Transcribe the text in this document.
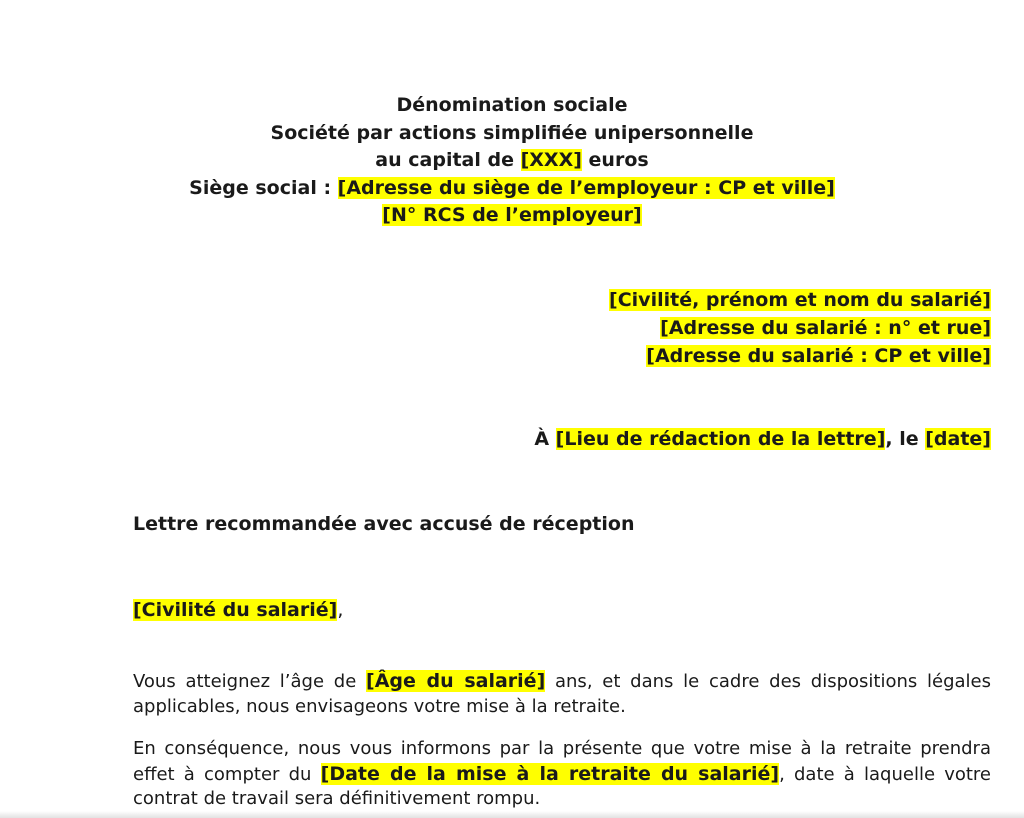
Dénomination sociale
Société par actions simplifiée unipersonnelle
au capital de [XXX] euros
Siège social : [Adresse du siège de l’employeur : CP et ville]
[N° RCS de l’employeur]
[Civilité, prénom et nom du salarié]
[Adresse du salarié : n° et rue]
[Adresse du salarié : CP et ville]
À [Lieu de rédaction de la lettre], le [date]
Lettre recommandée avec accusé de réception
[Civilité du salarié],

Vous atteignez l’âge de [Âge du salarié] ans, et dans le cadre des dispositions légales applicables, nous envisageons votre mise à la retraite.

En conséquence, nous vous informons par la présente que votre mise à la retraite prendra effet à compter du [Date de la mise à la retraite du salarié], date à laquelle votre contrat de travail sera définitivement rompu.
